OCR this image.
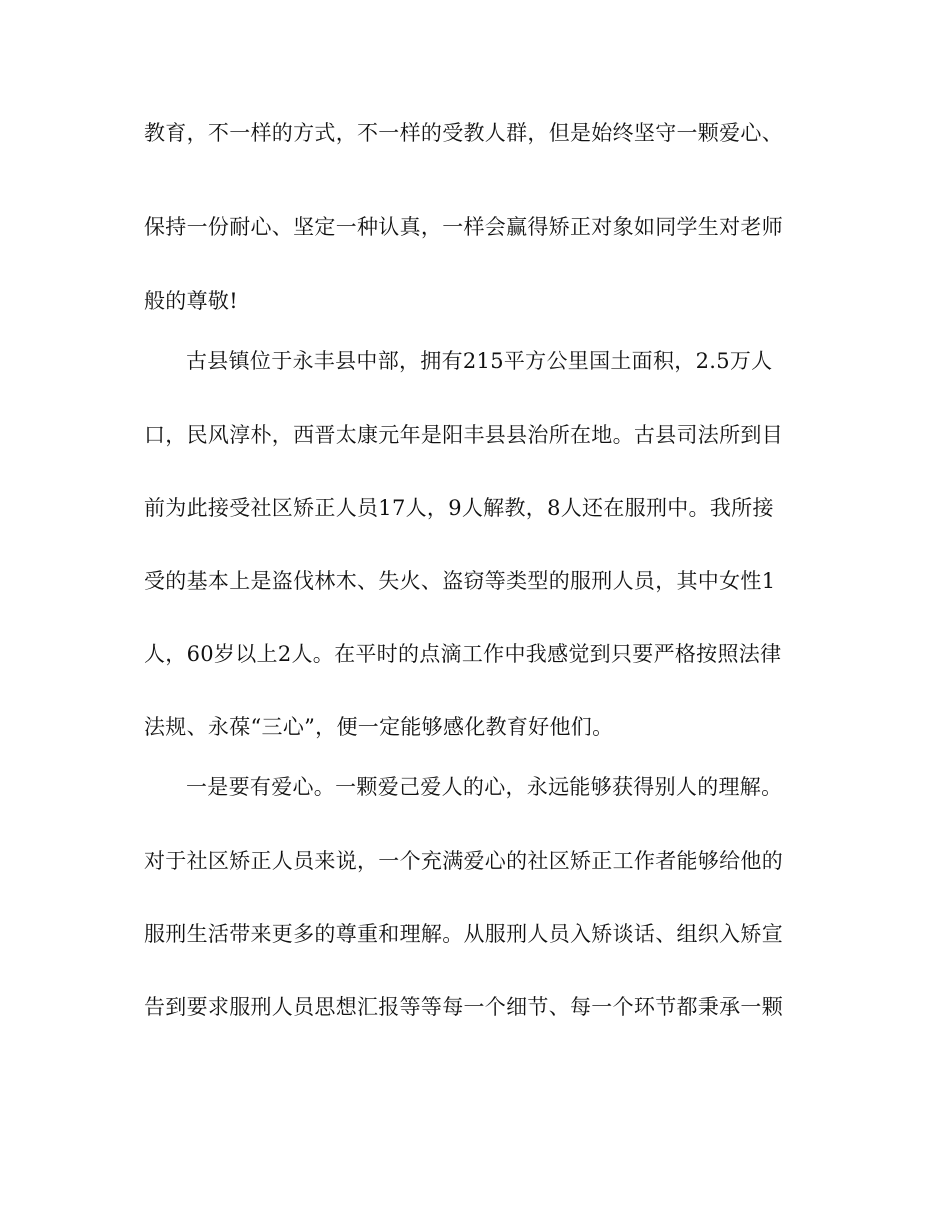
教育，不一样的方式，不一样的受教人群，但是始终坚守一颗爱心、
保持一份耐心、坚定一种认真，一样会赢得矫正对象如同学生对老师
般的尊敬!
古县镇位于永丰县中部，拥有215平方公里国土面积，2.5万人
口，民风淳朴，西晋太康元年是阳丰县县治所在地。古县司法所到目
前为此接受社区矫正人员17人，9人解教，8人还在服刑中。我所接
受的基本上是盗伐林木、失火、盗窃等类型的服刑人员，其中女性1
人，60岁以上2人。在平时的点滴工作中我感觉到只要严格按照法律
法规、永葆“三心”，便一定能够感化教育好他们。
一是要有爱心。一颗爱己爱人的心，永远能够获得别人的理解。
对于社区矫正人员来说，一个充满爱心的社区矫正工作者能够给他的
服刑生活带来更多的尊重和理解。从服刑人员入矫谈话、组织入矫宣
告到要求服刑人员思想汇报等等每一个细节、每一个环节都秉承一颗
